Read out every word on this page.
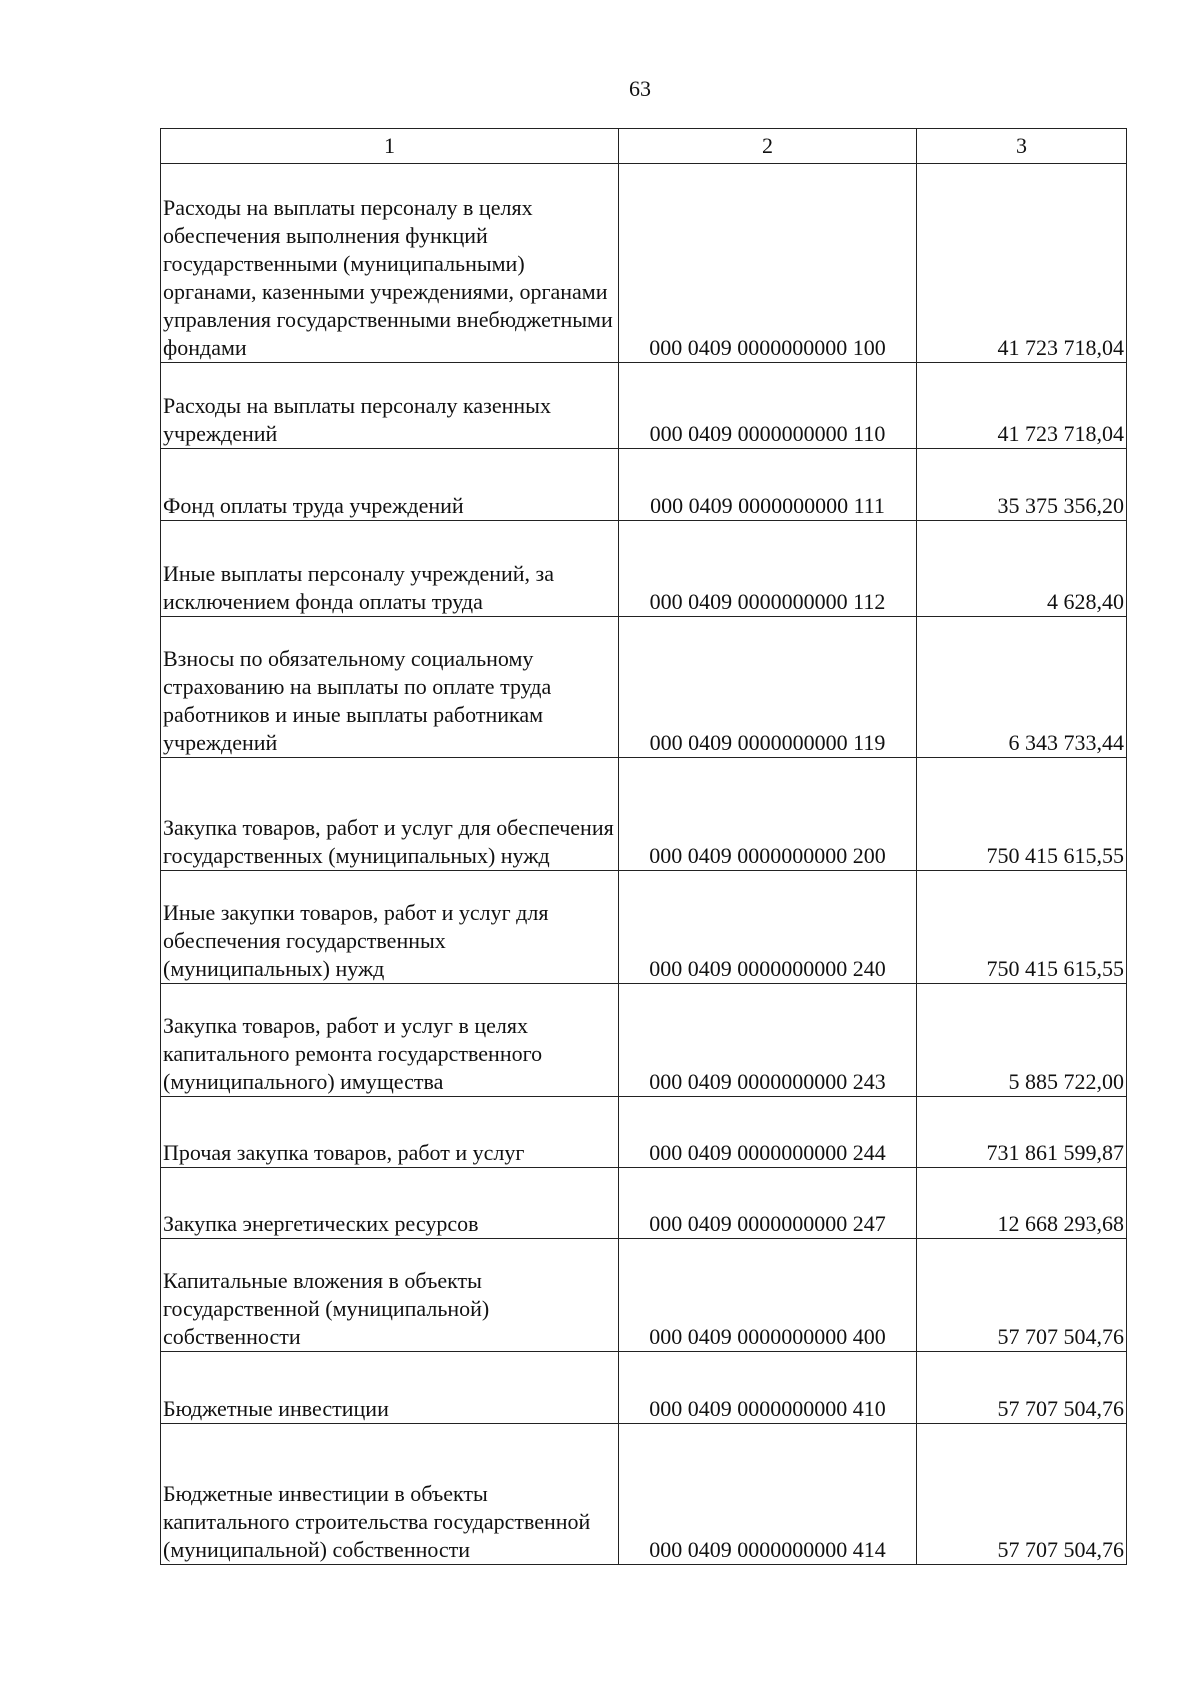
63
1	2	3
Расходы на выплаты персоналу в целях обеспечения выполнения функций государственными (муниципальными) органами, казенными учреждениями, органами управления государственными внебюджетными фондами	000 0409 0000000000 100	41 723 718,04
Расходы на выплаты персоналу казенных учреждений	000 0409 0000000000 110	41 723 718,04
Фонд оплаты труда учреждений	000 0409 0000000000 111	35 375 356,20
Иные выплаты персоналу учреждений, за исключением фонда оплаты труда	000 0409 0000000000 112	4 628,40
Взносы по обязательному социальному страхованию на выплаты по оплате труда работников и иные выплаты работникам учреждений	000 0409 0000000000 119	6 343 733,44
Закупка товаров, работ и услуг для обеспечения государственных (муниципальных) нужд	000 0409 0000000000 200	750 415 615,55
Иные закупки товаров, работ и услуг для обеспечения государственных (муниципальных) нужд	000 0409 0000000000 240	750 415 615,55
Закупка товаров, работ и услуг в целях капитального ремонта государственного (муниципального) имущества	000 0409 0000000000 243	5 885 722,00
Прочая закупка товаров, работ и услуг	000 0409 0000000000 244	731 861 599,87
Закупка энергетических ресурсов	000 0409 0000000000 247	12 668 293,68
Капитальные вложения в объекты государственной (муниципальной) собственности	000 0409 0000000000 400	57 707 504,76
Бюджетные инвестиции	000 0409 0000000000 410	57 707 504,76
Бюджетные инвестиции в объекты капитального строительства государственной (муниципальной) собственности	000 0409 0000000000 414	57 707 504,76
